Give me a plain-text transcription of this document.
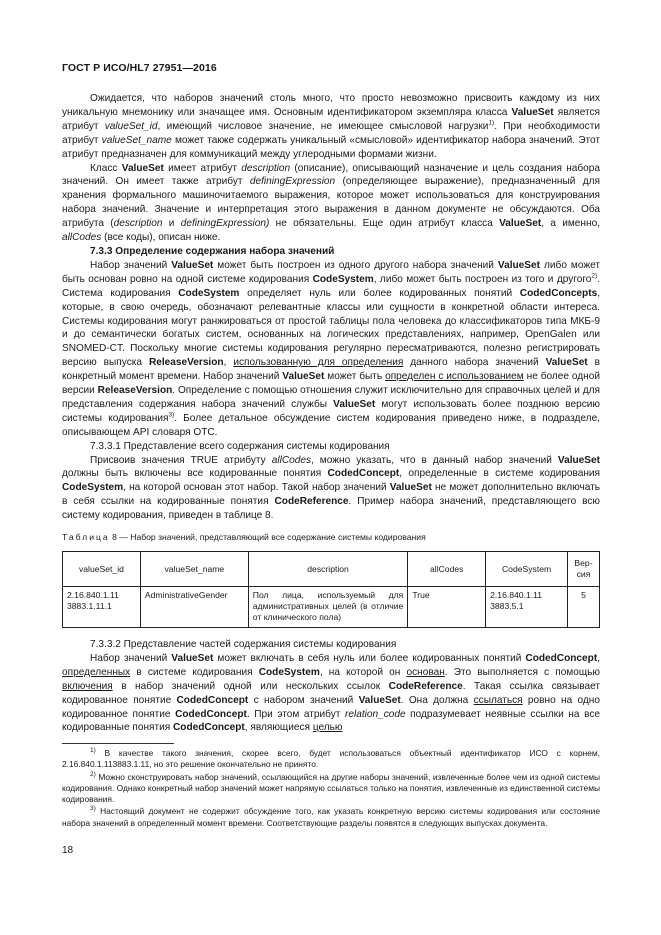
ГОСТ Р ИСО/HL7 27951—2016

Ожидается, что наборов значений столь много, что просто невозможно присвоить каждому из них уникальную мнемонику или значащее имя. Основным идентификатором экземпляра класса ValueSet является атрибут valueSet_id, имеющий числовое значение, не имеющее смысловой нагрузки$^{1)}$. При необходимости атрибут valueSet_name может также содержать уникальный «смысловой» идентификатор набора значений. Этот атрибут предназначен для коммуникаций между углеродными формами жизни.

Класс ValueSet имеет атрибут description (описание), описывающий назначение и цель создания набора значений. Он имеет также атрибут definingExpression (определяющее выражение), предназначенный для хранения формального машиночитаемого выражения, которое может использоваться для конструирования набора значений. Значение и интерпретация этого выражения в данном документе не обсуждаются. Оба атрибута (description и definingExpression) не обязательны. Еще один атрибут класса ValueSet, а именно, allCodes (все коды), описан ниже.

7.3.3 Определение содержания набора значений

Набор значений ValueSet может быть построен из одного другого набора значений ValueSet либо может быть основан ровно на одной системе кодирования CodeSystem, либо может быть построен из того и другого$^{2)}$. Система кодирования CodeSystem определяет нуль или более кодированных понятий CodedConcepts, которые, в свою очередь, обозначают релевантные классы или сущности в конкретной области интереса. Системы кодирования могут ранжироваться от простой таблицы пола человека до классификаторов типа МКБ-9 и до семантически богатых систем, основанных на логических представлениях, например, OpenGalen или SNOMED-CT. Поскольку многие системы кодирования регулярно пересматриваются, полезно регистрировать версию выпуска ReleaseVersion, использованную для определения данного набора значений ValueSet в конкретный момент времени. Набор значений ValueSet может быть определен с использованием не более одной версии ReleaseVersion. Определение с помощью отношения служит исключительно для справочных целей и для представления содержания набора значений службы ValueSet могут использовать более позднюю версию системы кодирования$^{3)}$. Более детальное обсуждение систем кодирования приведено ниже, в подразделе, описывающем API словаря ОТС.

7.3.3.1 Представление всего содержания системы кодирования

Присвоив значения TRUE атрибуту allCodes, можно указать, что в данный набор значений ValueSet должны быть включены все кодированные понятия CodedConcept, определенные в системе кодирования CodeSystem, на которой основан этот набор. Такой набор значений ValueSet не может дополнительно включать в себя ссылки на кодированные понятия CodeReference. Пример набора значений, представляющего всю систему кодирования, приведен в таблице 8.

Таблица 8 — Набор значений, представляющий все содержание системы кодирования
valueSet_id	valueSet_name	description	allCodes	CodeSystem	Вер-сия
2.16.840.1.11 3883.1.11.1	AdministrativeGender	Пол лица, используемый для административных целей (в отличие от клинического пола)	True	2.16.840.1.11 3883.5.1	5

7.3.3.2 Представление частей содержания системы кодирования

Набор значений ValueSet может включать в себя нуль или более кодированных понятий CodedConcept, определенных в системе кодирования CodeSystem, на которой он основан. Это выполняется с помощью включения в набор значений одной или нескольких ссылок CodeReference. Такая ссылка связывает кодированное понятие CodedConcept с набором значений ValueSet. Она должна ссылаться ровно на одно кодированное понятие CodedConcept. При этом атрибут relation_code подразумевает неявные ссылки на все кодированные понятия CodedConcept, являющиеся целью

$^{1)}$ В качестве такого значения, скорее всего, будет использоваться объектный идентификатор ИСО с корнем, 2.16.840.1.113883.1.11, но это решение окончательно не принято.

$^{2)}$ Можно сконструировать набор значений, ссылающийся на другие наборы значений, извлеченные более чем из одной системы кодирования. Однако конкретный набор значений может напрямую ссылаться только на понятия, извлеченные из единственной системы кодирования.

$^{3)}$ Настоящий документ не содержит обсуждение того, как указать конкретную версию системы кодирования или состояние набора значений в определенный момент времени. Соответствующие разделы появятся в следующих выпусках документа.

18
